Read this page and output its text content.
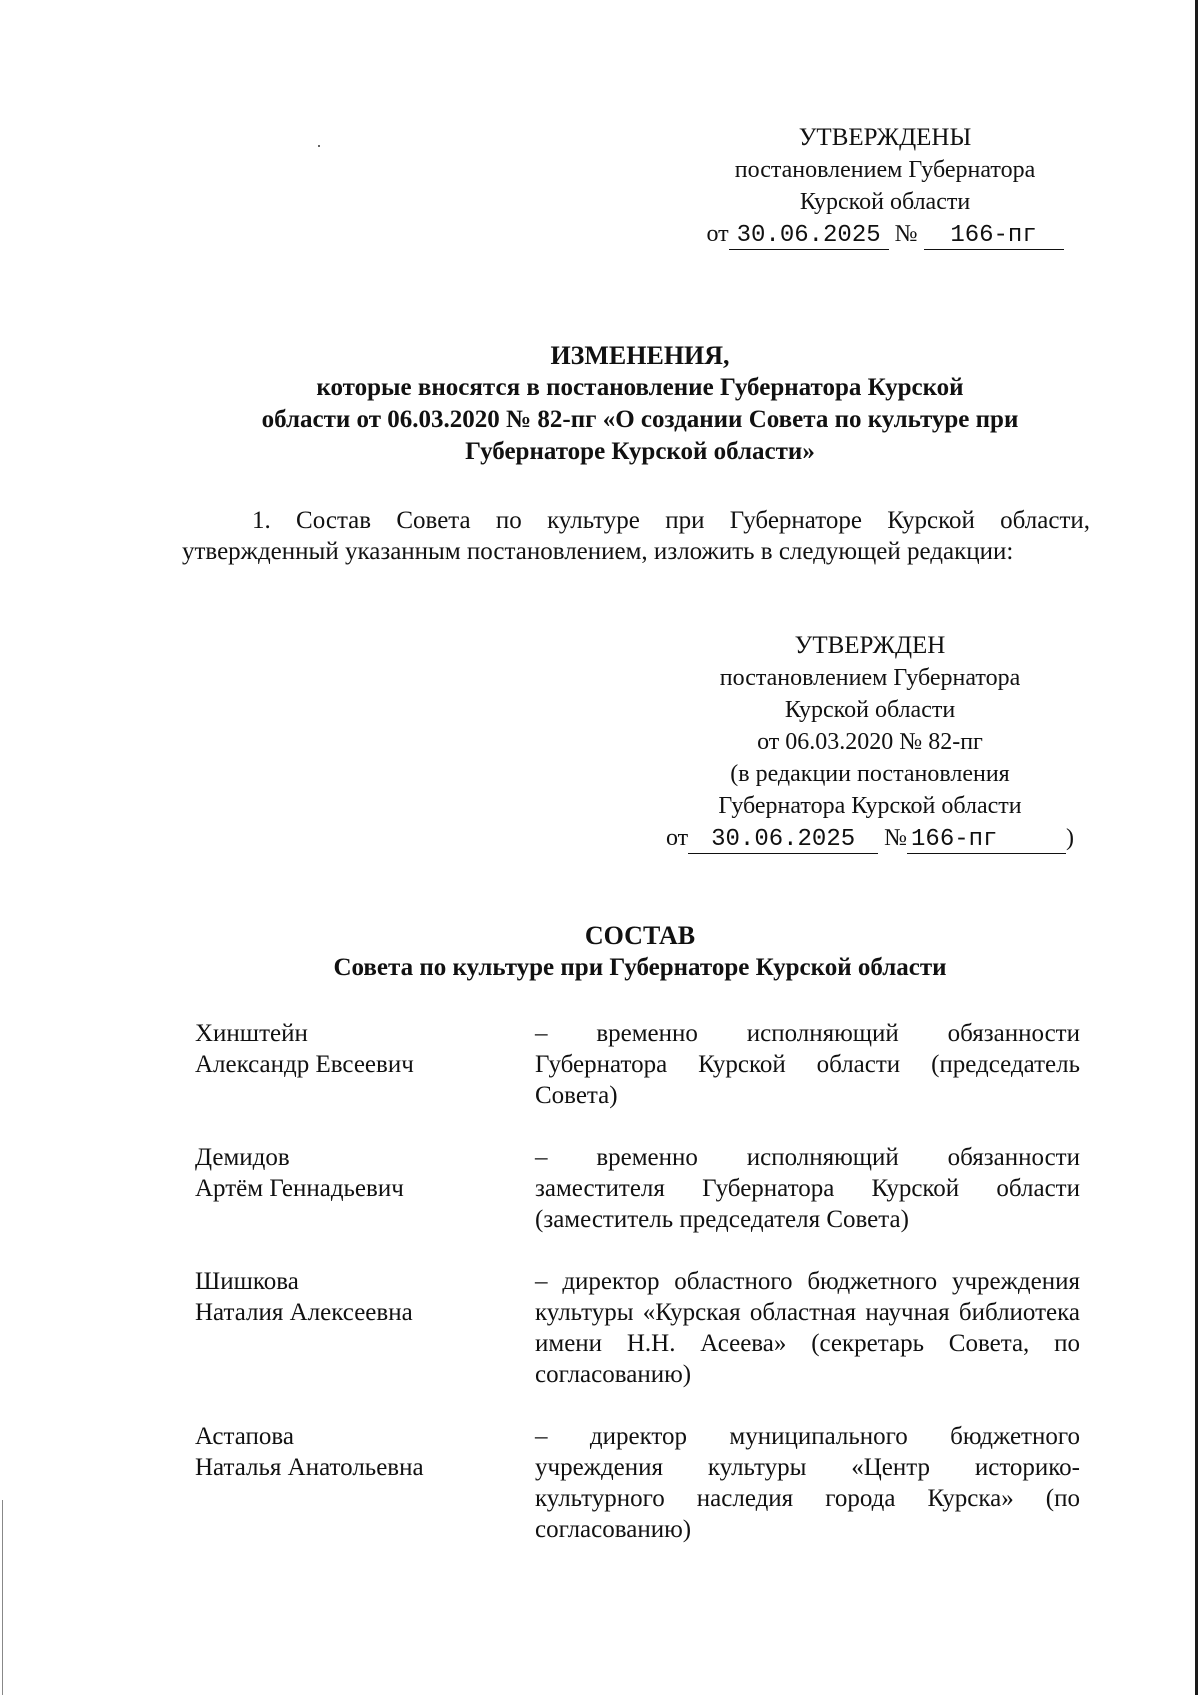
УТВЕРЖДЕНЫ
постановлением Губернатора
Курской области
от 30.06.2025 № 166-пг
ИЗМЕНЕНИЯ,
которые вносятся в постановление Губернатора Курской
области от 06.03.2020 № 82-пг «О создании Совета по культуре при
Губернаторе Курской области»
1. Состав Совета по культуре при Губернаторе Курской области, утвержденный указанным постановлением, изложить в следующей редакции:
УТВЕРЖДЕН
постановлением Губернатора
Курской области
от 06.03.2020 № 82-пг
(в редакции постановления
Губернатора Курской области
от 30.06.2025 № 166-пг	)
СОСТАВ
Совета по культуре при Губернаторе Курской области
Хинштейн
Александр Евсеевич
– временно исполняющий обязанности Губернатора Курской области (председатель Совета)
Демидов
Артём Геннадьевич
– временно исполняющий обязанности заместителя Губернатора Курской области (заместитель председателя Совета)
Шишкова
Наталия Алексеевна
– директор областного бюджетного учреждения культуры «Курская областная научная библиотека имени Н.Н. Асеева» (секретарь Совета, по согласованию)
Астапова
Наталья Анатольевна
– директор муниципального бюджетного учреждения культуры «Центр историко-культурного наследия города Курска» (по согласованию)
